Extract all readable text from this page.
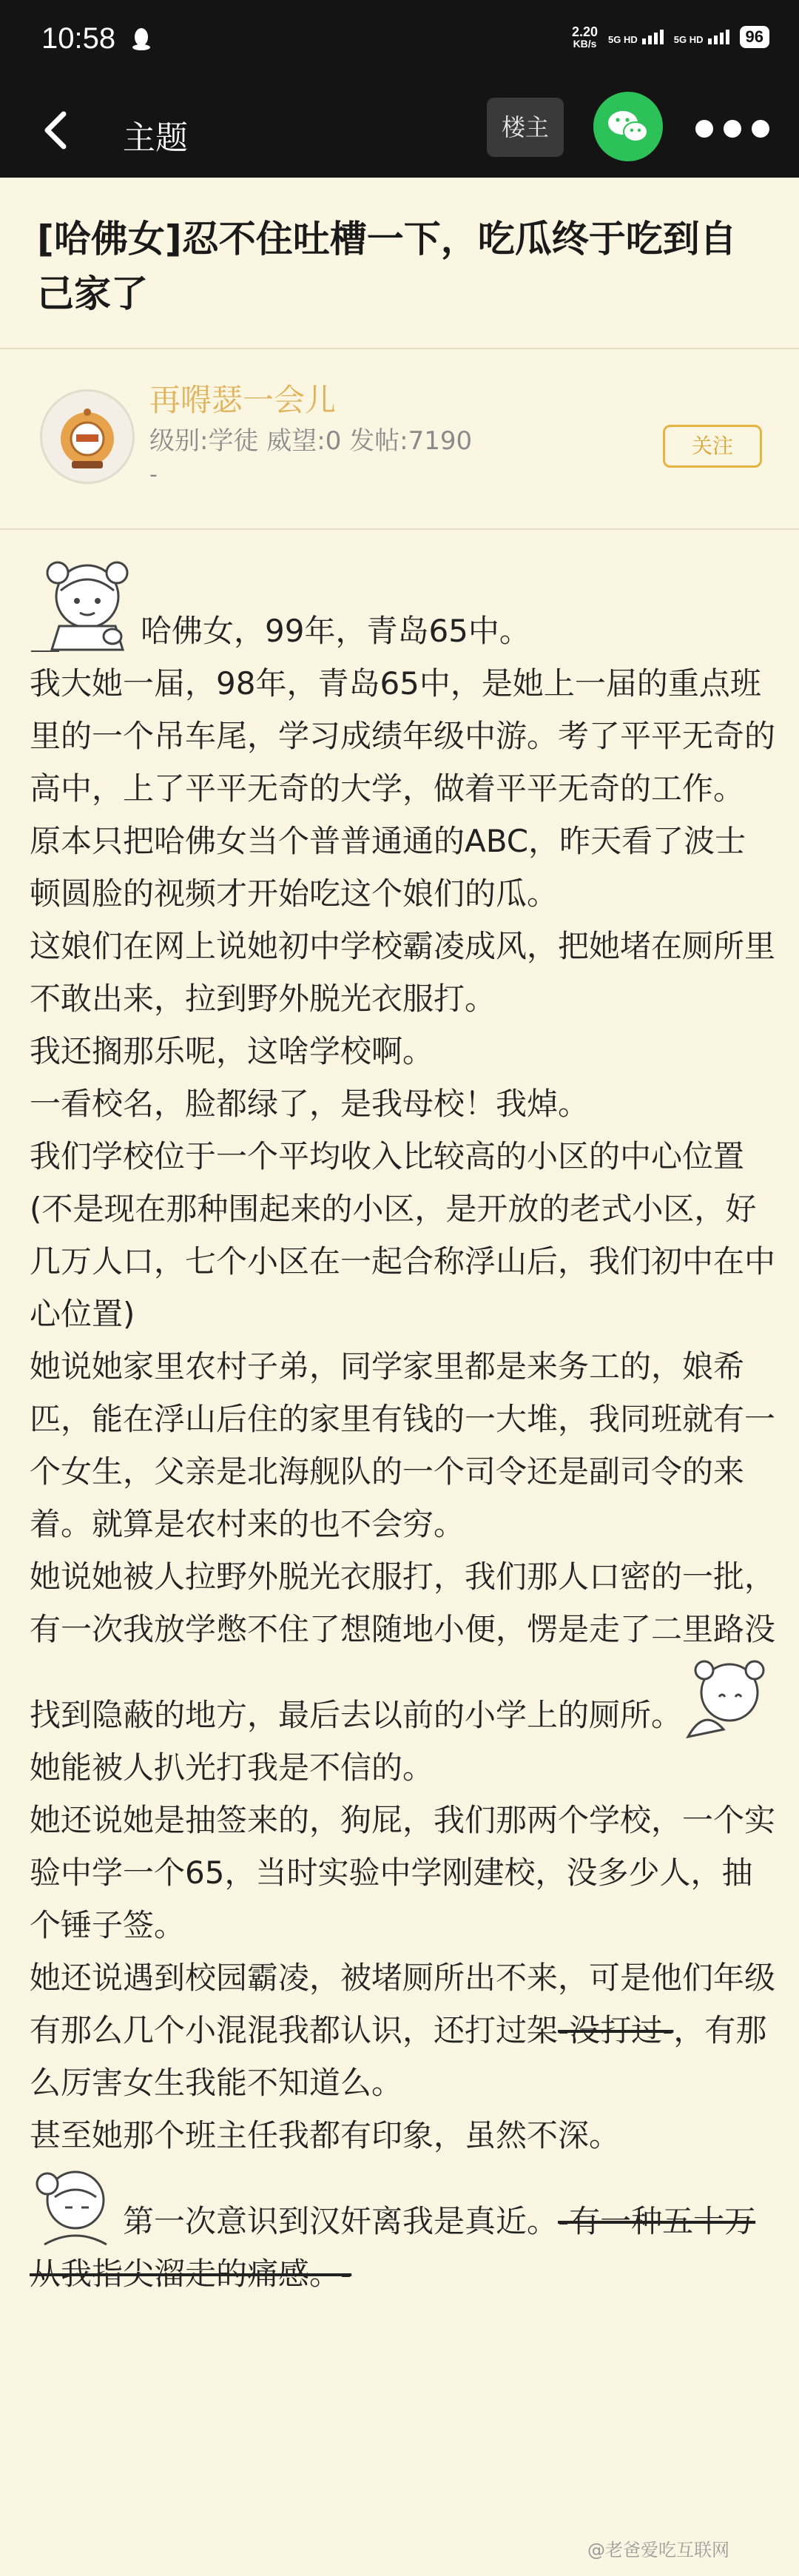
10:58	2.20
KB/s 5G HD	5G HD	96
主题	楼主
[哈佛女]忍不住吐槽一下，吃瓜终于吃到自己家了
再嘚瑟一会儿
级别:学徒 威望:0 发帖:7190
-
关注

哈佛女，99年，青岛65中。

我大她一届，98年，青岛65中，是她上一届的重点班里的一个吊车尾，学习成绩年级中游。考了平平无奇的高中，上了平平无奇的大学，做着平平无奇的工作。

原本只把哈佛女当个普普通通的ABC，昨天看了波士顿圆脸的视频才开始吃这个娘们的瓜。

这娘们在网上说她初中学校霸凌成风，把她堵在厕所里不敢出来，拉到野外脱光衣服打。

我还搁那乐呢，这啥学校啊。

一看校名，脸都绿了，是我母校！我焯。

我们学校位于一个平均收入比较高的小区的中心位置(不是现在那种围起来的小区，是开放的老式小区，好几万人口，七个小区在一起合称浮山后，我们初中在中心位置)

她说她家里农村子弟，同学家里都是来务工的，娘希匹，能在浮山后住的家里有钱的一大堆，我同班就有一个女生，父亲是北海舰队的一个司令还是副司令的来着。就算是农村来的也不会穷。

她说她被人拉野外脱光衣服打，我们那人口密的一批，有一次我放学憋不住了想随地小便，愣是走了二里路没找到隐蔽的地方，最后去以前的小学上的厕所。她能被人扒光打我是不信的。

她还说她是抽签来的，狗屁，我们那两个学校，一个实验中学一个65，当时实验中学刚建校，没多少人，抽个锤子签。

她还说遇到校园霸凌，被堵厕所出不来，可是他们年级有那么几个小混混我都认识，还打过架-没打过-，有那么厉害女生我能不知道么。

甚至她那个班主任我都有印象，虽然不深。

第一次意识到汉奸离我是真近。-有一种五十万从我指尖溜走的痛感。-

@老爸爱吃互联网
